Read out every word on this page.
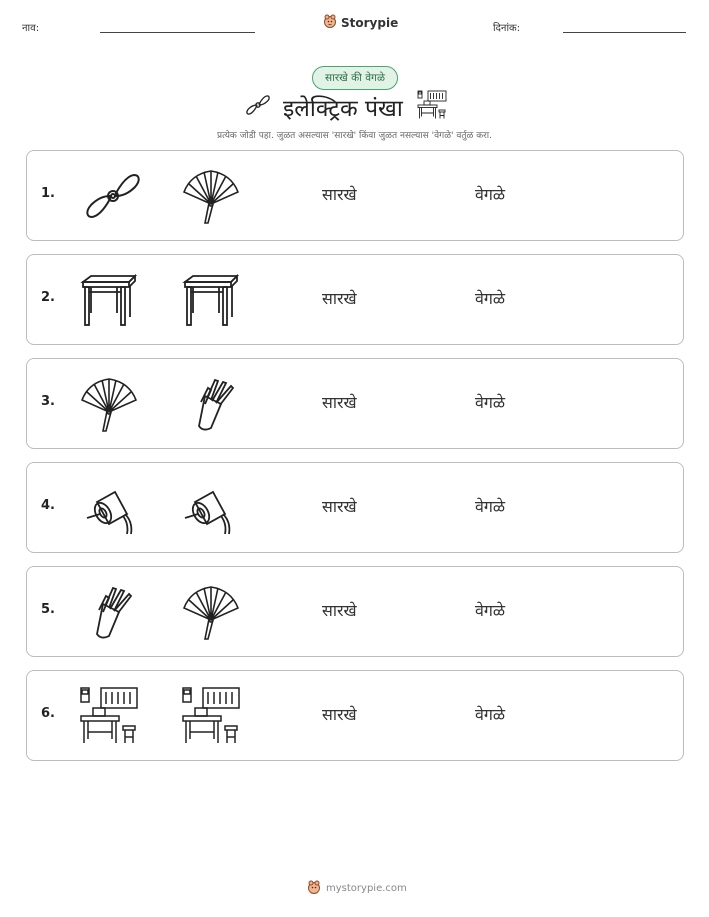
नाव:	Storypie	दिनांक:
सारखे की वेगळे
इलेक्ट्रिक पंखा
प्रत्येक जोडी पहा. जुळत असल्यास 'सारखे' किंवा जुळत नसल्यास 'वेगळे' वर्तुळ करा.
1.	सारखे	वेगळे
2.	सारखे	वेगळे
3.	सारखे	वेगळे
4.	सारखे	वेगळे
5.	सारखे	वेगळे
6.	सारखे	वेगळे
mystorypie.com
